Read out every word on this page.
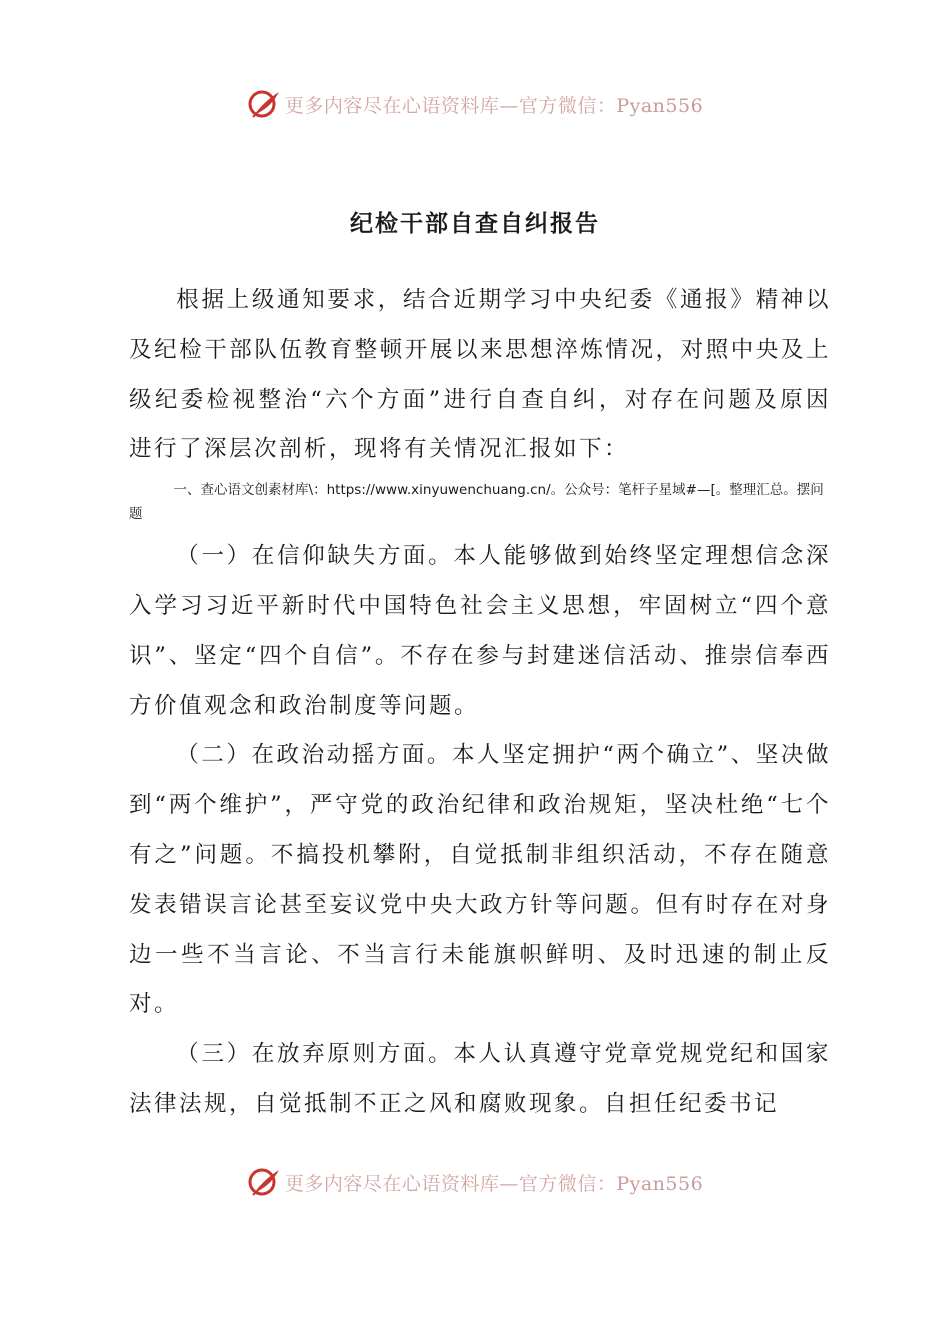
更多内容尽在心语资料库—官方微信：Pyan556
纪检干部自查自纠报告

根据上级通知要求，结合近期学习中央纪委《通报》精神以及纪检干部队伍教育整顿开展以来思想淬炼情况，对照中央及上级纪委检视整治“六个方面”进行自查自纠，对存在问题及原因进行了深层次剖析，现将有关情况汇报如下：

一、查心语文创素材库\：https://www.xinyuwenchuang.cn/。公众号：笔杆子星域#—[。整理汇总。摆问题

（一）在信仰缺失方面。本人能够做到始终坚定理想信念深入学习习近平新时代中国特色社会主义思想，牢固树立“四个意识”、坚定“四个自信”。不存在参与封建迷信活动、推崇信奉西方价值观念和政治制度等问题。

（二）在政治动摇方面。本人坚定拥护“两个确立”、坚决做到“两个维护”，严守党的政治纪律和政治规矩，坚决杜绝“七个有之”问题。不搞投机攀附，自觉抵制非组织活动，不存在随意发表错误言论甚至妄议党中央大政方针等问题。但有时存在对身边一些不当言论、不当言行未能旗帜鲜明、及时迅速的制止反对。

（三）在放弃原则方面。本人认真遵守党章党规党纪和国家法律法规，自觉抵制不正之风和腐败现象。自担任纪委书记

更多内容尽在心语资料库—官方微信：Pyan556
